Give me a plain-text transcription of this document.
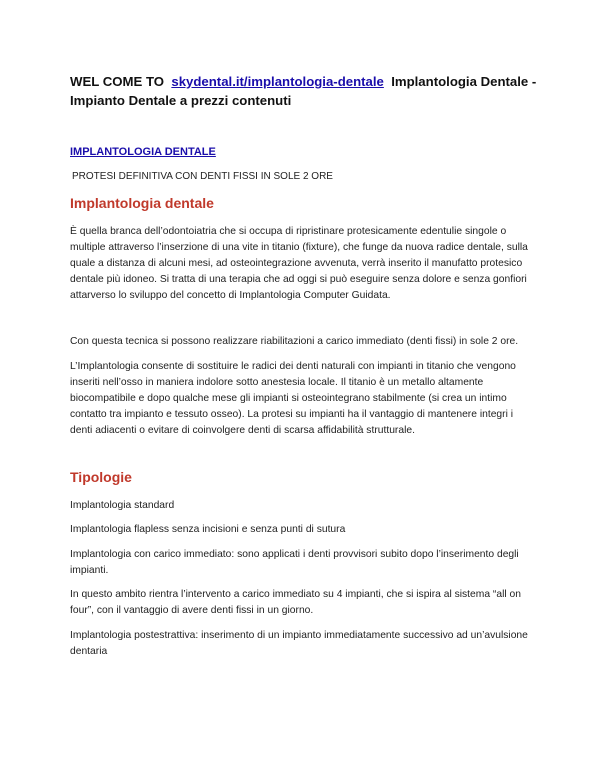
WEL COME TO skydental.it/implantologia-dentale Implantologia Dentale - Impianto Dentale a prezzi contenuti
IMPLANTOLOGIA DENTALE
PROTESI DEFINITIVA CON DENTI FISSI IN SOLE 2 ORE
Implantologia dentale
È quella branca dell’odontoiatria che si occupa di ripristinare protesicamente edentulie singole o multiple attraverso l’inserzione di una vite in titanio (fixture), che funge da nuova radice dentale, sulla quale a distanza di alcuni mesi, ad osteointegrazione avvenuta, verrà inserito il manufatto protesico dentale più idoneo. Si tratta di una terapia che ad oggi si può eseguire senza dolore e senza gonfiori attarverso lo sviluppo del concetto di Implantologia Computer Guidata.
Con questa tecnica si possono realizzare riabilitazioni a carico immediato (denti fissi) in sole 2 ore.
L’Implantologia consente di sostituire le radici dei denti naturali con impianti in titanio che vengono inseriti nell’osso in maniera indolore sotto anestesia locale. Il titanio è un metallo altamente biocompatibile e dopo qualche mese gli impianti si osteointegrano stabilmente (si crea un intimo contatto tra impianto e tessuto osseo). La protesi su impianti ha il vantaggio di mantenere integri i denti adiacenti o evitare di coinvolgere denti di scarsa affidabilità strutturale.
Tipologie
Implantologia standard
Implantologia flapless senza incisioni e senza punti di sutura
Implantologia con carico immediato: sono applicati i denti provvisori subito dopo l’inserimento degli impianti.
In questo ambito rientra l’intervento a carico immediato su 4 impianti, che si ispira al sistema “all on four”, con il vantaggio di avere denti fissi in un giorno.
Implantologia postestrattiva: inserimento di un impianto immediatamente successivo ad un’avulsione dentaria
